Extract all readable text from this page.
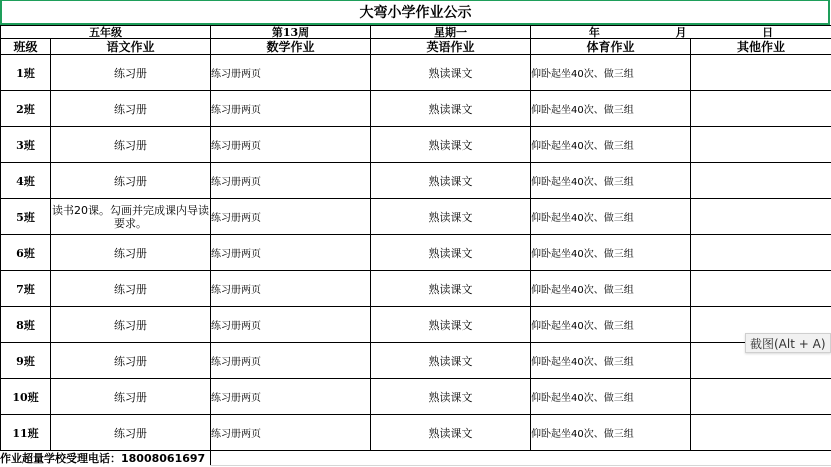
大弯小学作业公示
五年级		第13周	星期一	年 月 日	

班级	语文作业	数学作业	英语作业	体育作业	其他作业
1班	练习册	练习册两页	熟读课文	仰卧起坐40次、做三组	
2班	练习册	练习册两页	熟读课文	仰卧起坐40次、做三组	
3班	练习册	练习册两页	熟读课文	仰卧起坐40次、做三组	
4班	练习册	练习册两页	熟读课文	仰卧起坐40次、做三组	
5班	读书20课。勾画并完成课内导读要求。	练习册两页	熟读课文	仰卧起坐40次、做三组	
6班	练习册	练习册两页	熟读课文	仰卧起坐40次、做三组	
7班	练习册	练习册两页	熟读课文	仰卧起坐40次、做三组	
8班	练习册	练习册两页	熟读课文	仰卧起坐40次、做三组	
9班	练习册	练习册两页	熟读课文	仰卧起坐40次、做三组	
10班	练习册	练习册两页	熟读课文	仰卧起坐40次、做三组	
11班	练习册	练习册两页	熟读课文	仰卧起坐40次、做三组	
作业超量学校受理电话：18008061697
截图(Alt + A)
